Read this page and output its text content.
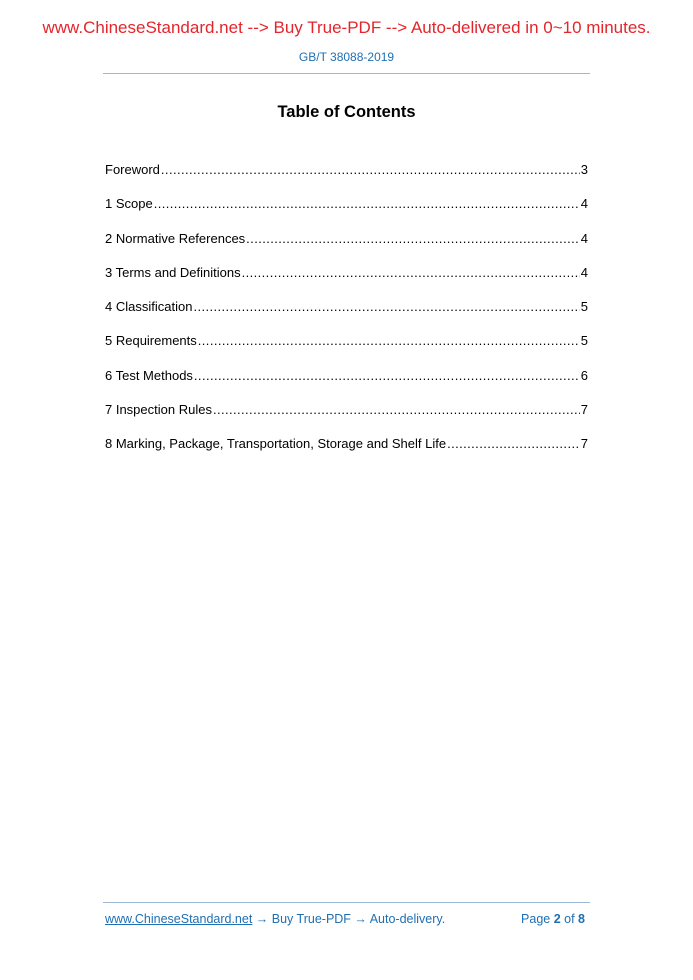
www.ChineseStandard.net --> Buy True-PDF --> Auto-delivered in 0~10 minutes.
GB/T 38088-2019
Table of Contents
Foreword .....	3
1 Scope .....	4
2 Normative References .....	4
3 Terms and Definitions .....	4
4 Classification .....	5
5 Requirements .....	5
6 Test Methods .....	6
7 Inspection Rules .....	7
8 Marking, Package, Transportation, Storage and Shelf Life .....	7
www.ChineseStandard.net → Buy True-PDF → Auto-delivery.	Page 2 of 8
